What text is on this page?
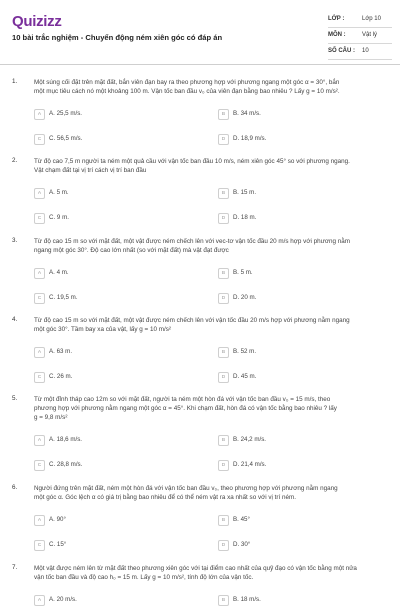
Quizizz
10 bài trắc nghiệm - Chuyển động ném xiên góc có đáp án
LỚP :	Lớp 10
MÔN :	Vật lý
SỐ CÂU : 10
1.	Một súng cối đặt trên mặt đất, bắn viên đạn bay ra theo phương hợp với phương ngang một góc α = 30°, bắn
một mục tiêu cách nó một khoảng 100 m. Vận tốc ban đầu v₀ của viên đạn bằng bao nhiêu ? Lấy g = 10 m/s².
A	A. 25,5 m/s.	B	B. 34 m/s.
C	C. 56,5 m/s.	D	D. 18,9 m/s.
2.	Từ độ cao 7,5 m người ta ném một quả cầu với vận tốc ban đầu 10 m/s, ném xiên góc 45° so với phương ngang.
Vật chạm đất tại vị trí cách vị trí ban đầu
A	A. 5 m.	B	B. 15 m.
C	C. 9 m.	D	D. 18 m.
3.	Từ độ cao 15 m so với mặt đất, một vật được ném chếch lên với vec-tơ vận tốc đầu 20 m/s hợp với phương nằm
ngang một góc 30°. Độ cao lớn nhất (so với mặt đất) mà vật đạt được
A	A. 4 m.	B	B. 5 m.
C	C. 19,5 m.	D	D. 20 m.
4.	Từ độ cao 15 m so với mặt đất, một vật được ném chếch lên với vận tốc đầu 20 m/s hợp với phương nằm ngang
một góc 30°. Tầm bay xa của vật, lấy g = 10 m/s²
A	A. 63 m.	B	B. 52 m.
C	C. 26 m.	D	D. 45 m.
5.	Từ một đỉnh tháp cao 12m so với mặt đất, người ta ném một hòn đá với vận tốc ban đầu v₀ = 15 m/s, theo
phương hợp với phương nằm ngang một góc α = 45°. Khi chạm đất, hòn đá có vận tốc bằng bao nhiêu ? lấy
g = 9,8 m/s²
A	A. 18,6 m/s.	B	B. 24,2 m/s.
C	C. 28,8 m/s.	D	D. 21,4 m/s.
6.	Người đứng trên mặt đất, ném một hòn đá với vận tốc ban đầu v₀, theo phương hợp với phương nằm ngang
một góc α. Góc lệch α có giá trị bằng bao nhiêu để có thể ném vật ra xa nhất so với vị trí ném.
A	A. 90°	B	B. 45°
C	C. 15°	D	D. 30°
7.	Một vật được ném lên từ mặt đất theo phương xiên góc với tại điểm cao nhất của quỹ đạo có vận tốc bằng một nửa
vận tốc ban đầu và độ cao h₀ = 15 m. Lấy g = 10 m/s², tính độ lớn của vận tốc.
A	A. 20 m/s.	B	B. 18 m/s.
